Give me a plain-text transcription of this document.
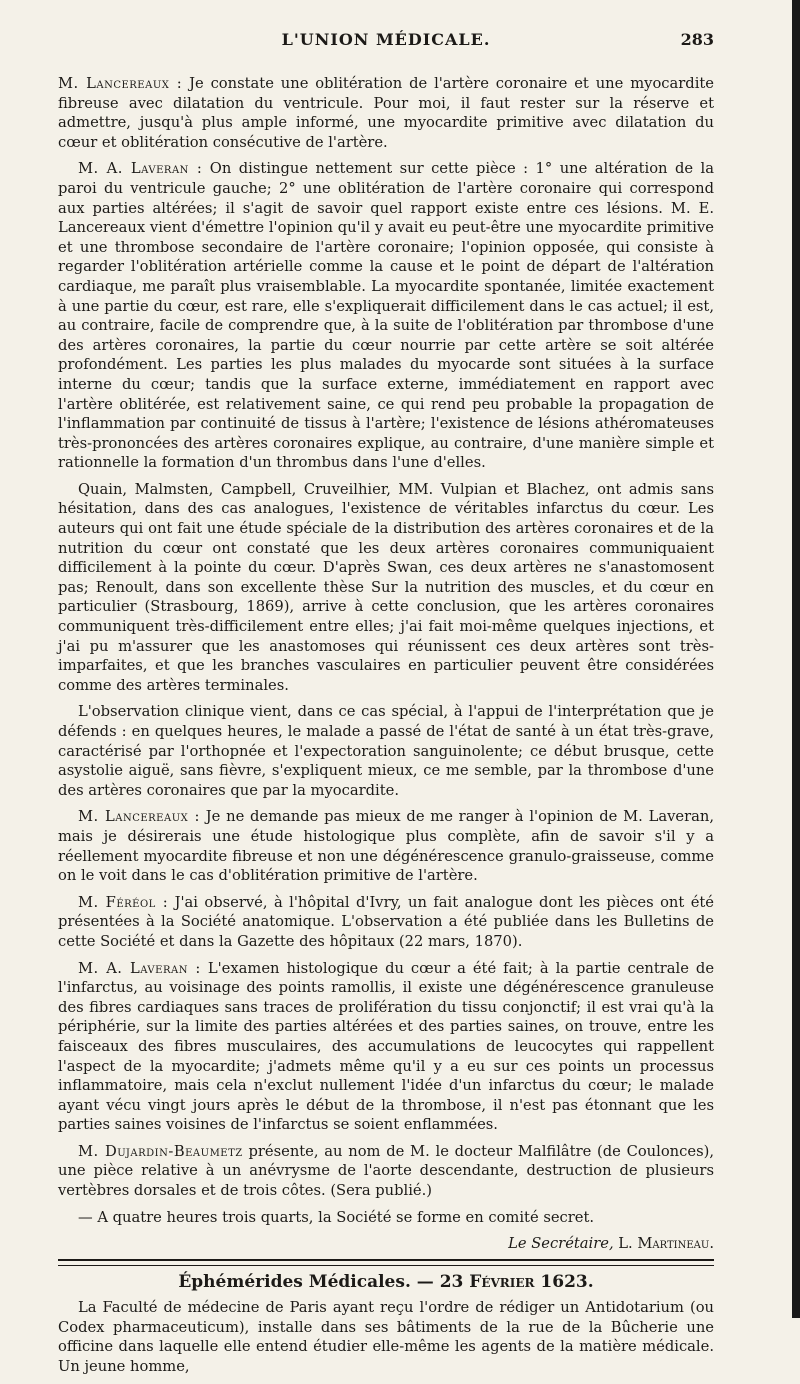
L'UNION MÉDICALE.	283

M. Lancereaux : Je constate une oblitération de l'artère coronaire et une myocardite fibreuse avec dilatation du ventricule. Pour moi, il faut rester sur la réserve et admettre, jusqu'à plus ample informé, une myocardite primitive avec dilatation du cœur et oblitération consécutive de l'artère.

M. A. Laveran : On distingue nettement sur cette pièce : 1° une altération de la paroi du ventricule gauche; 2° une oblitération de l'artère coronaire qui correspond aux parties altérées; il s'agit de savoir quel rapport existe entre ces lésions. M. E. Lancereaux vient d'émettre l'opinion qu'il y avait eu peut-être une myocardite primitive et une thrombose secondaire de l'artère coronaire; l'opinion opposée, qui consiste à regarder l'oblitération artérielle comme la cause et le point de départ de l'altération cardiaque, me paraît plus vraisemblable. La myocardite spontanée, limitée exactement à une partie du cœur, est rare, elle s'expliquerait difficilement dans le cas actuel; il est, au contraire, facile de comprendre que, à la suite de l'oblitération par thrombose d'une des artères coronaires, la partie du cœur nourrie par cette artère se soit altérée profondément. Les parties les plus malades du myocarde sont situées à la surface interne du cœur; tandis que la surface externe, immédiatement en rapport avec l'artère oblitérée, est relativement saine, ce qui rend peu probable la propagation de l'inflammation par continuité de tissus à l'artère; l'existence de lésions athéromateuses très-prononcées des artères coronaires explique, au contraire, d'une manière simple et rationnelle la formation d'un thrombus dans l'une d'elles.

Quain, Malmsten, Campbell, Cruveilhier, MM. Vulpian et Blachez, ont admis sans hésitation, dans des cas analogues, l'existence de véritables infarctus du cœur. Les auteurs qui ont fait une étude spéciale de la distribution des artères coronaires et de la nutrition du cœur ont constaté que les deux artères coronaires communiquaient difficilement à la pointe du cœur. D'après Swan, ces deux artères ne s'anastomosent pas; Renoult, dans son excellente thèse Sur la nutrition des muscles, et du cœur en particulier (Strasbourg, 1869), arrive à cette conclusion, que les artères coronaires communiquent très-difficilement entre elles; j'ai fait moi-même quelques injections, et j'ai pu m'assurer que les anastomoses qui réunissent ces deux artères sont très-imparfaites, et que les branches vasculaires en particulier peuvent être considérées comme des artères terminales.

L'observation clinique vient, dans ce cas spécial, à l'appui de l'interprétation que je défends : en quelques heures, le malade a passé de l'état de santé à un état très-grave, caractérisé par l'orthopnée et l'expectoration sanguinolente; ce début brusque, cette asystolie aiguë, sans fièvre, s'expliquent mieux, ce me semble, par la thrombose d'une des artères coronaires que par la myocardite.

M. Lancereaux : Je ne demande pas mieux de me ranger à l'opinion de M. Laveran, mais je désirerais une étude histologique plus complète, afin de savoir s'il y a réellement myocardite fibreuse et non une dégénérescence granulo-graisseuse, comme on le voit dans le cas d'oblitération primitive de l'artère.

M. Féréol : J'ai observé, à l'hôpital d'Ivry, un fait analogue dont les pièces ont été présentées à la Société anatomique. L'observation a été publiée dans les Bulletins de cette Société et dans la Gazette des hôpitaux (22 mars, 1870).

M. A. Laveran : L'examen histologique du cœur a été fait; à la partie centrale de l'infarctus, au voisinage des points ramollis, il existe une dégénérescence granuleuse des fibres cardiaques sans traces de prolifération du tissu conjonctif; il est vrai qu'à la périphérie, sur la limite des parties altérées et des parties saines, on trouve, entre les faisceaux des fibres musculaires, des accumulations de leucocytes qui rappellent l'aspect de la myocardite; j'admets même qu'il y a eu sur ces points un processus inflammatoire, mais cela n'exclut nullement l'idée d'un infarctus du cœur; le malade ayant vécu vingt jours après le début de la thrombose, il n'est pas étonnant que les parties saines voisines de l'infarctus se soient enflammées.

M. Dujardin-Beaumetz présente, au nom de M. le docteur Malfilâtre (de Coulonces), une pièce relative à un anévrysme de l'aorte descendante, destruction de plusieurs vertèbres dorsales et de trois côtes. (Sera publié.)

— A quatre heures trois quarts, la Société se forme en comité secret.

Le Secrétaire, L. Martineau.
Éphémérides Médicales. — 23 Février 1623.

La Faculté de médecine de Paris ayant reçu l'ordre de rédiger un Antidotarium (ou Codex pharmaceuticum), installe dans ses bâtiments de la rue de la Bûcherie une officine dans laquelle elle entend étudier elle-même les agents de la matière médicale. Un jeune homme,
